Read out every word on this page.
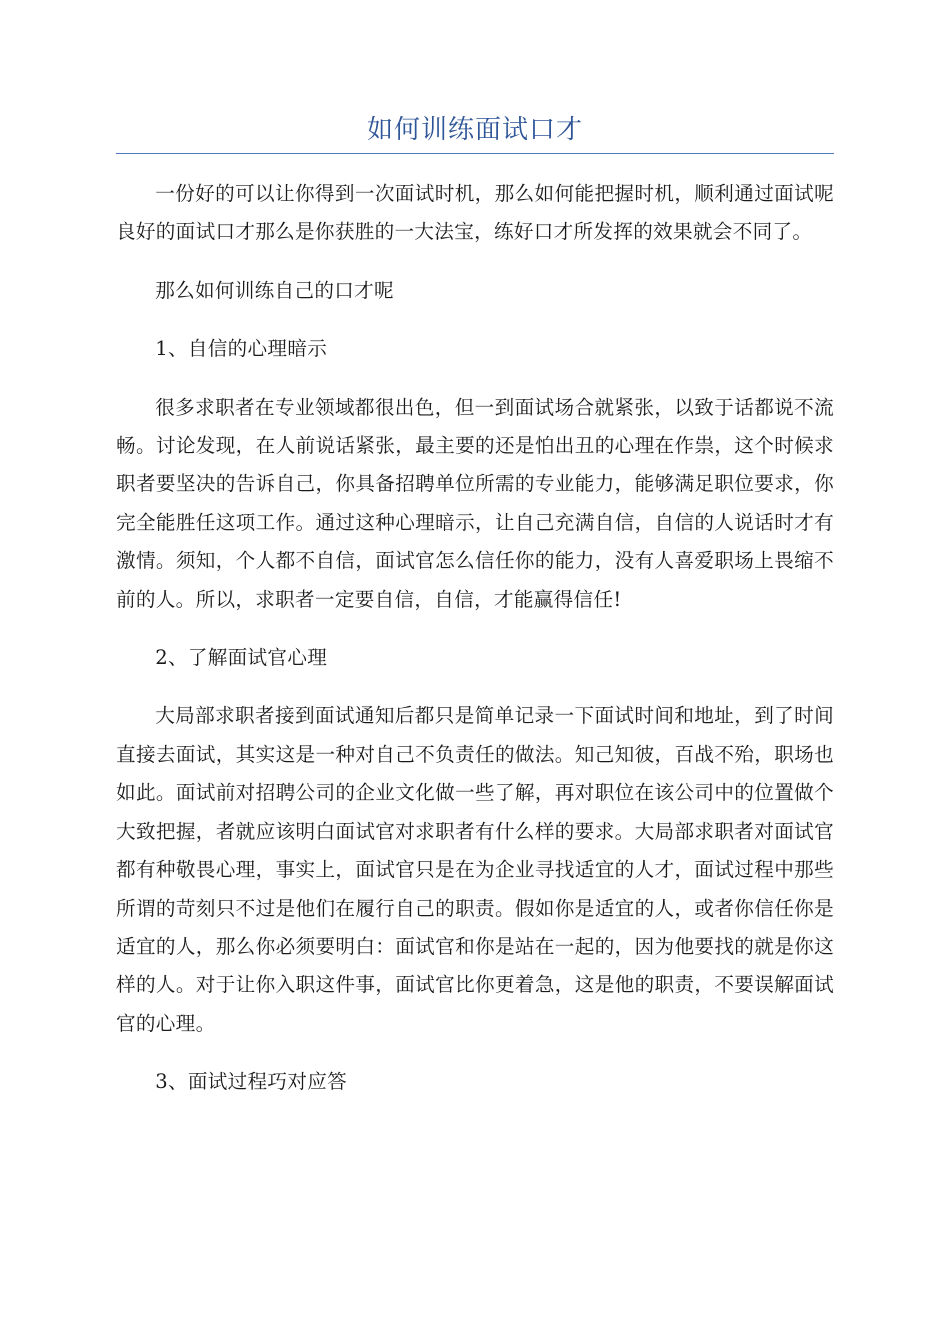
如何训练面试口才

一份好的可以让你得到一次面试时机，那么如何能把握时机，顺利通过面试呢良好的面试口才那么是你获胜的一大法宝，练好口才所发挥的效果就会不同了。

那么如何训练自己的口才呢

1、自信的心理暗示

很多求职者在专业领域都很出色，但一到面试场合就紧张，以致于话都说不流畅。讨论发现，在人前说话紧张，最主要的还是怕出丑的心理在作祟，这个时候求职者要坚决的告诉自己，你具备招聘单位所需的专业能力，能够满足职位要求，你完全能胜任这项工作。通过这种心理暗示，让自己充满自信，自信的人说话时才有激情。须知，个人都不自信，面试官怎么信任你的能力，没有人喜爱职场上畏缩不前的人。所以，求职者一定要自信，自信，才能赢得信任!

2、了解面试官心理

大局部求职者接到面试通知后都只是简单记录一下面试时间和地址，到了时间直接去面试，其实这是一种对自己不负责任的做法。知己知彼，百战不殆，职场也如此。面试前对招聘公司的企业文化做一些了解，再对职位在该公司中的位置做个大致把握，者就应该明白面试官对求职者有什么样的要求。大局部求职者对面试官都有种敬畏心理，事实上，面试官只是在为企业寻找适宜的人才，面试过程中那些所谓的苛刻只不过是他们在履行自己的职责。假如你是适宜的人，或者你信任你是适宜的人，那么你必须要明白：面试官和你是站在一起的，因为他要找的就是你这样的人。对于让你入职这件事，面试官比你更着急，这是他的职责，不要误解面试官的心理。

3、面试过程巧对应答
